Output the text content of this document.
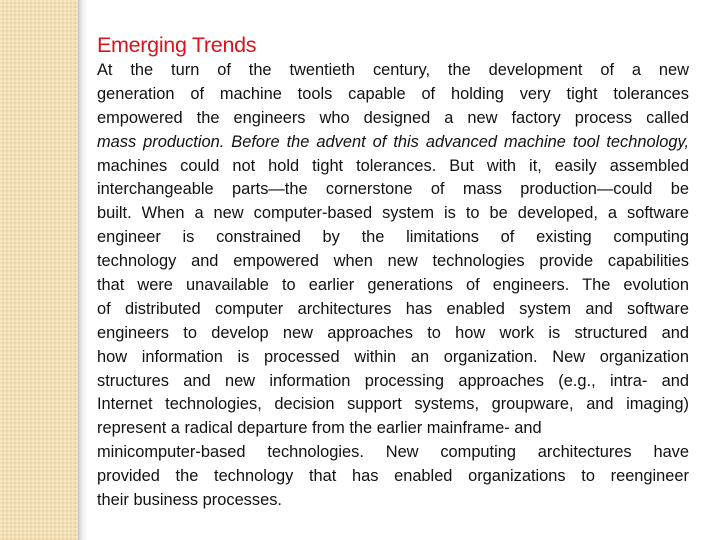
Emerging Trends
At the turn of the twentieth century, the development of a new
generation of machine tools capable of holding very tight tolerances
empowered the engineers who designed a new factory process called
mass production. Before the advent of this advanced machine tool technology,
machines could not hold tight tolerances. But with it, easily assembled
interchangeable parts—the cornerstone of mass production—could be
built. When a new computer-based system is to be developed, a software
engineer is constrained by the limitations of existing computing
technology and empowered when new technologies provide capabilities
that were unavailable to earlier generations of engineers. The evolution
of distributed computer architectures has enabled system and software
engineers to develop new approaches to how work is structured and
how information is processed within an organization. New organization
structures and new information processing approaches (e.g., intra- and
Internet technologies, decision support systems, groupware, and imaging)
represent a radical departure from the earlier mainframe- and
minicomputer-based technologies. New computing architectures have
provided the technology that has enabled organizations to reengineer
their business processes.
